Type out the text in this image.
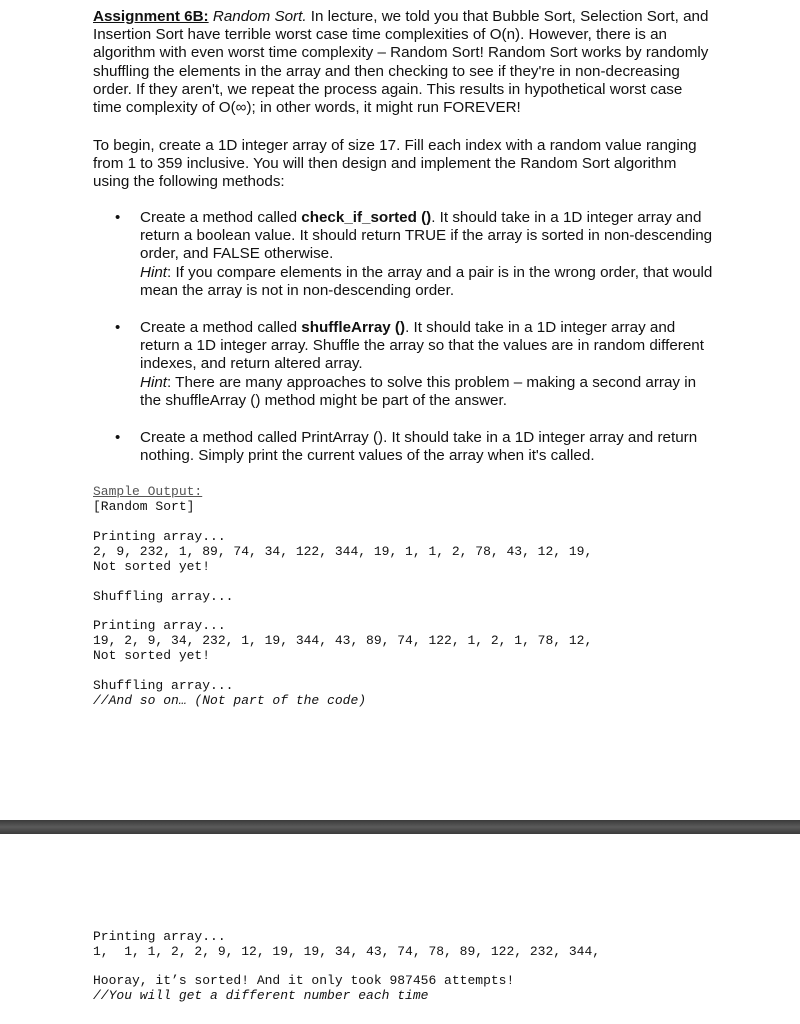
Assignment 6B: Random Sort. In lecture, we told you that Bubble Sort, Selection Sort, and Insertion Sort have terrible worst case time complexities of O(n). However, there is an algorithm with even worst time complexity – Random Sort! Random Sort works by randomly shuffling the elements in the array and then checking to see if they're in non-decreasing order. If they aren't, we repeat the process again. This results in hypothetical worst case time complexity of O(∞); in other words, it might run FOREVER!

To begin, create a 1D integer array of size 17. Fill each index with a random value ranging from 1 to 359 inclusive. You will then design and implement the Random Sort algorithm using the following methods:

• Create a method called check_if_sorted (). It should take in a 1D integer array and return a boolean value. It should return TRUE if the array is sorted in non-descending order, and FALSE otherwise.
Hint: If you compare elements in the array and a pair is in the wrong order, that would mean the array is not in non-descending order.

• Create a method called shuffleArray (). It should take in a 1D integer array and return a 1D integer array. Shuffle the array so that the values are in random different indexes, and return altered array.
Hint: There are many approaches to solve this problem – making a second array in the shuffleArray () method might be part of the answer.

• Create a method called PrintArray (). It should take in a 1D integer array and return nothing. Simply print the current values of the array when it's called.

Sample Output:
[Random Sort]
Printing array...
2, 9, 232, 1, 89, 74, 34, 122, 344, 19, 1, 1, 2, 78, 43, 12, 19,
Not sorted yet!
Shuffling array...
Printing array...
19, 2, 9, 34, 232, 1, 19, 344, 43, 89, 74, 122, 1, 2, 1, 78, 12,
Not sorted yet!
Shuffling array...
//And so on… (Not part of the code)
Printing array...
1,  1, 1, 2, 2, 9, 12, 19, 19, 34, 43, 74, 78, 89, 122, 232, 344,
Hooray, it’s sorted! And it only took 987456 attempts!
//You will get a different number each time
